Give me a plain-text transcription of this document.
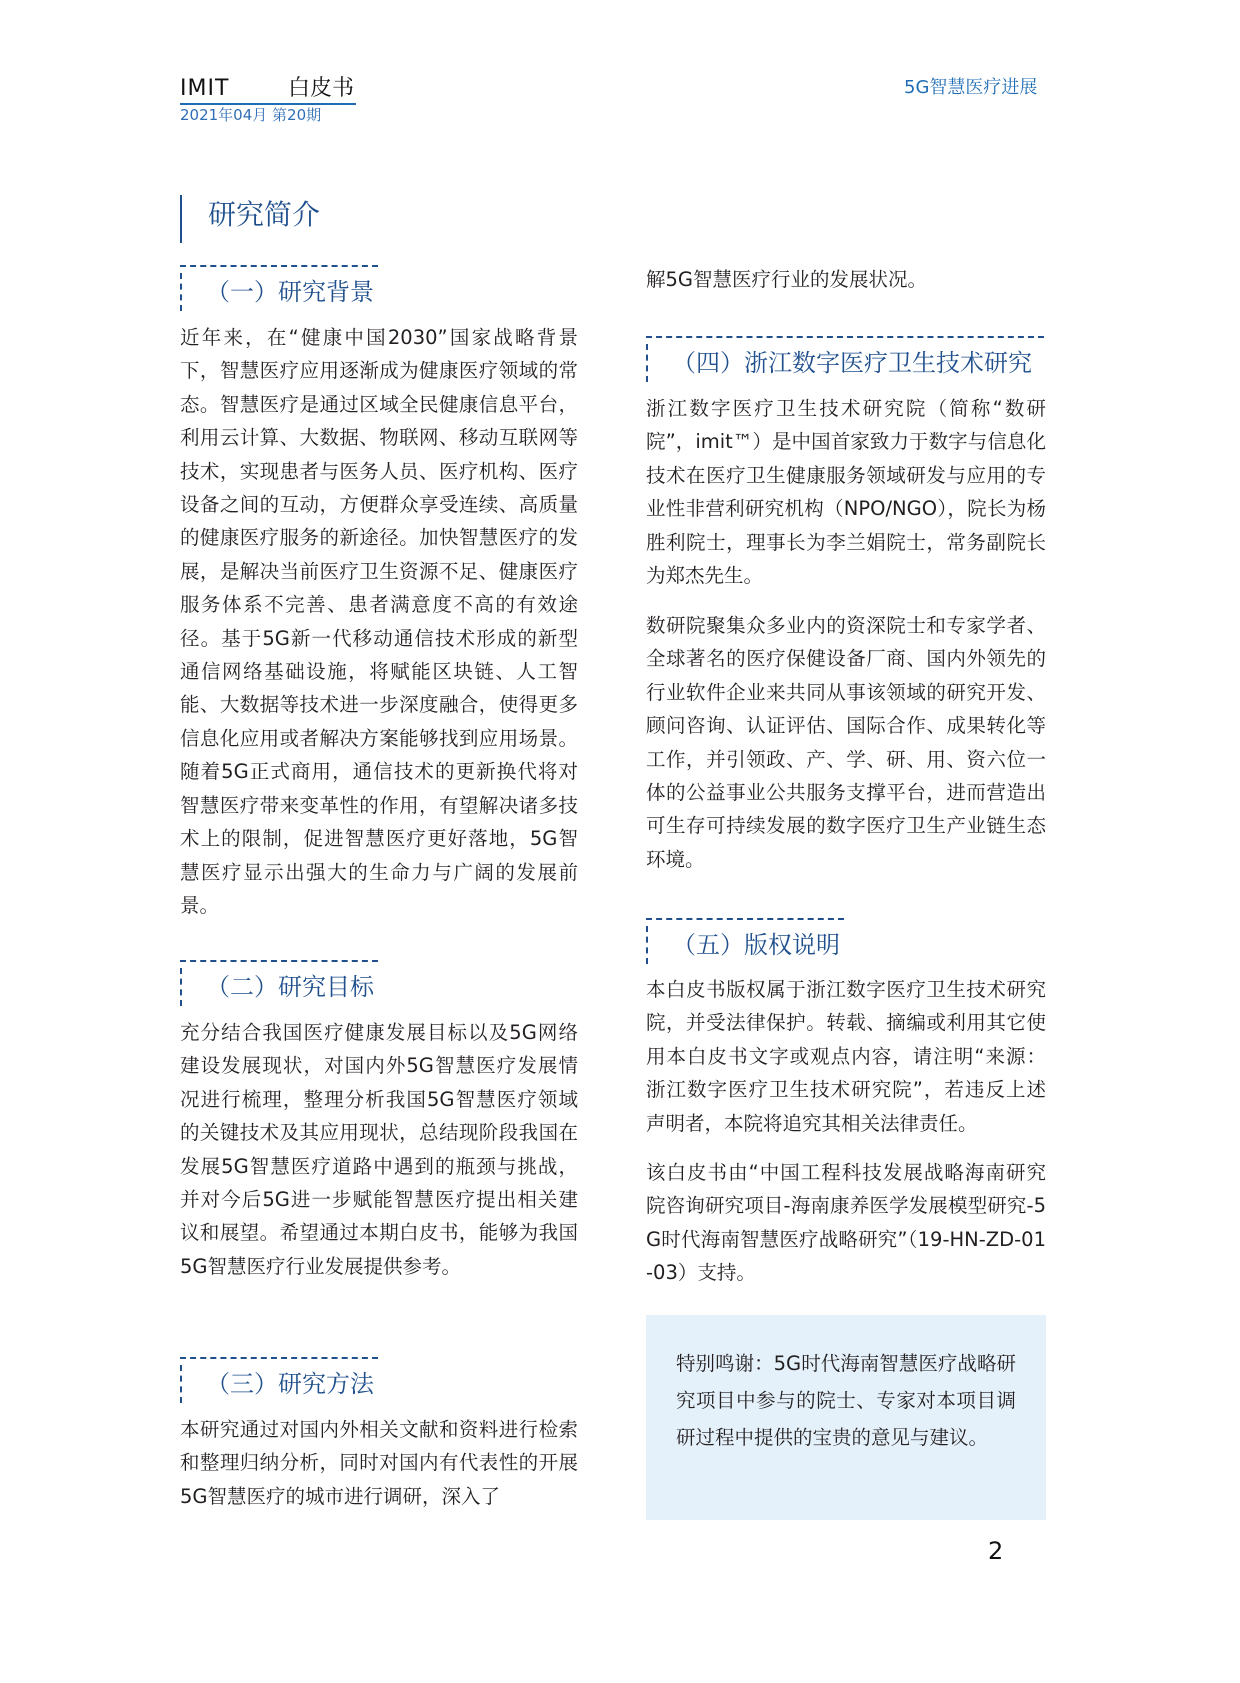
IMIT	白皮书
2021年04月 第20期
5G智慧医疗进展
研究简介
（一）研究背景

近年来，在“健康中国2030”国家战略背景下，智慧医疗应用逐渐成为健康医疗领域的常态。智慧医疗是通过区域全民健康信息平台，利用云计算、大数据、物联网、移动互联网等技术，实现患者与医务人员、医疗机构、医疗设备之间的互动，方便群众享受连续、高质量的健康医疗服务的新途径。加快智慧医疗的发展，是解决当前医疗卫生资源不足、健康医疗服务体系不完善、患者满意度不高的有效途径。基于5G新一代移动通信技术形成的新型通信网络基础设施，将赋能区块链、人工智能、大数据等技术进一步深度融合，使得更多信息化应用或者解决方案能够找到应用场景。随着5G正式商用，通信技术的更新换代将对智慧医疗带来变革性的作用，有望解决诸多技术上的限制，促进智慧医疗更好落地，5G智慧医疗显示出强大的生命力与广阔的发展前景。

（二）研究目标

充分结合我国医疗健康发展目标以及5G网络建设发展现状，对国内外5G智慧医疗发展情况进行梳理，整理分析我国5G智慧医疗领域的关键技术及其应用现状，总结现阶段我国在发展5G智慧医疗道路中遇到的瓶颈与挑战，并对今后5G进一步赋能智慧医疗提出相关建议和展望。希望通过本期白皮书，能够为我国5G智慧医疗行业发展提供参考。

（三）研究方法

本研究通过对国内外相关文献和资料进行检索和整理归纳分析，同时对国内有代表性的开展5G智慧医疗的城市进行调研，深入了

解5G智慧医疗行业的发展状况。

（四）浙江数字医疗卫生技术研究

浙江数字医疗卫生技术研究院（简称“数研院”，imit™）是中国首家致力于数字与信息化技术在医疗卫生健康服务领域研发与应用的专业性非营利研究机构（NPO/NGO），院长为杨胜利院士，理事长为李兰娟院士，常务副院长为郑杰先生。

数研院聚集众多业内的资深院士和专家学者、全球著名的医疗保健设备厂商、国内外领先的行业软件企业来共同从事该领域的研究开发、顾问咨询、认证评估、国际合作、成果转化等工作，并引领政、产、学、研、用、资六位一体的公益事业公共服务支撑平台，进而营造出可生存可持续发展的数字医疗卫生产业链生态环境。

（五）版权说明

本白皮书版权属于浙江数字医疗卫生技术研究院，并受法律保护。转载、摘编或利用其它使用本白皮书文字或观点内容，请注明“来源：浙江数字医疗卫生技术研究院”，若违反上述声明者，本院将追究其相关法律责任。

该白皮书由“中国工程科技发展战略海南研究院咨询研究项目-海南康养医学发展模型研究-5G时代海南智慧医疗战略研究”（19-HN-ZD-01-03）支持。

特别鸣谢：5G时代海南智慧医疗战略研究项目中参与的院士、专家对本项目调研过程中提供的宝贵的意见与建议。

2
